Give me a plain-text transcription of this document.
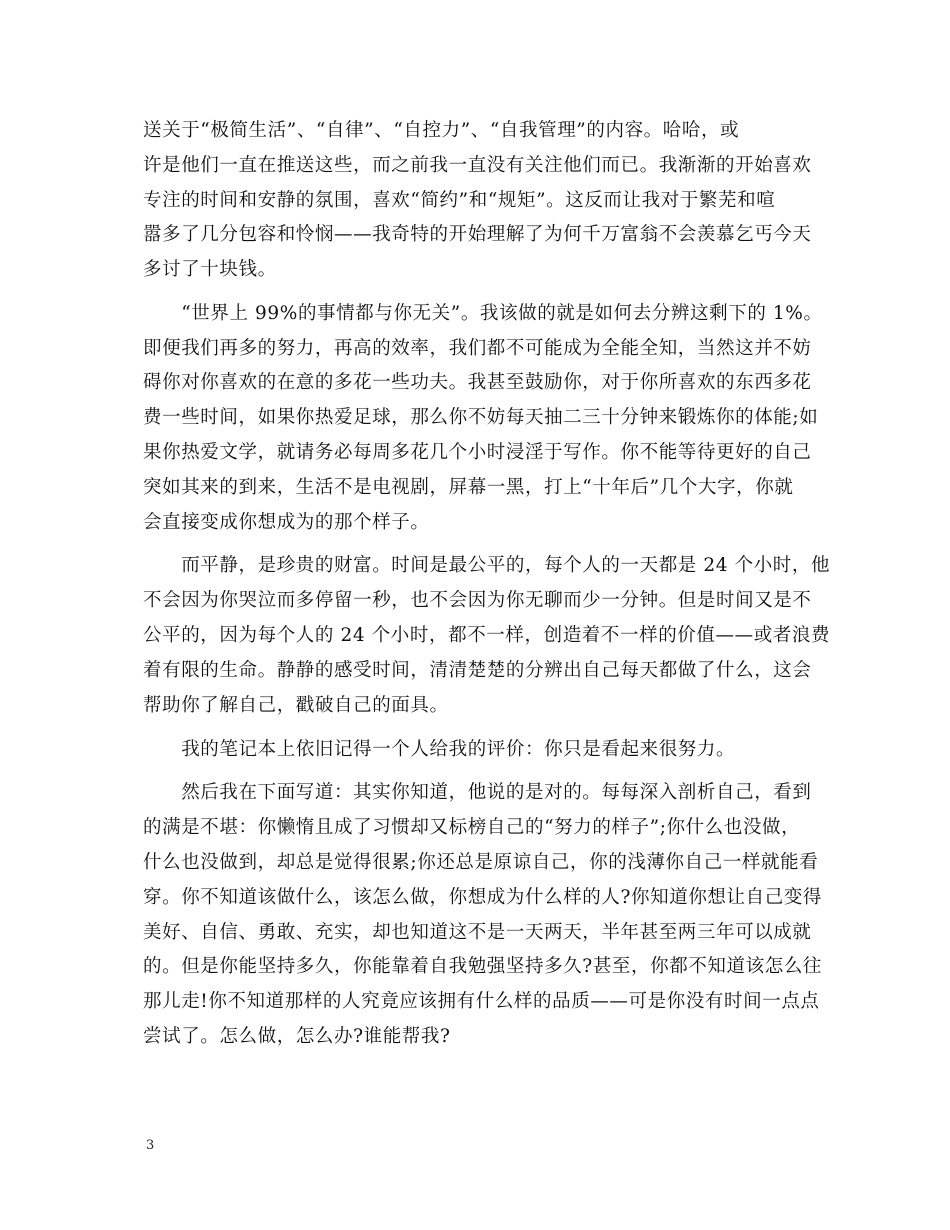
送关于“极简生活”、“自律”、“自控力”、“自我管理”的内容。哈哈，或
许是他们一直在推送这些，而之前我一直没有关注他们而已。我渐渐的开始喜欢
专注的时间和安静的氛围，喜欢“简约”和“规矩”。这反而让我对于繁芜和喧
嚣多了几分包容和怜悯——我奇特的开始理解了为何千万富翁不会羡慕乞丐今天
多讨了十块钱。
　　“世界上 99%的事情都与你无关”。我该做的就是如何去分辨这剩下的 1%。
即便我们再多的努力，再高的效率，我们都不可能成为全能全知，当然这并不妨
碍你对你喜欢的在意的多花一些功夫。我甚至鼓励你，对于你所喜欢的东西多花
费一些时间，如果你热爱足球，那么你不妨每天抽二三十分钟来锻炼你的体能;如
果你热爱文学，就请务必每周多花几个小时浸淫于写作。你不能等待更好的自己
突如其来的到来，生活不是电视剧，屏幕一黑，打上“十年后”几个大字，你就
会直接变成你想成为的那个样子。
　　而平静，是珍贵的财富。时间是最公平的，每个人的一天都是 24 个小时，他
不会因为你哭泣而多停留一秒，也不会因为你无聊而少一分钟。但是时间又是不
公平的，因为每个人的 24 个小时，都不一样，创造着不一样的价值——或者浪费
着有限的生命。静静的感受时间，清清楚楚的分辨出自己每天都做了什么，这会
帮助你了解自己，戳破自己的面具。
　　我的笔记本上依旧记得一个人给我的评价：你只是看起来很努力。
　　然后我在下面写道：其实你知道，他说的是对的。每每深入剖析自己，看到
的满是不堪：你懒惰且成了习惯却又标榜自己的“努力的样子”;你什么也没做，
什么也没做到，却总是觉得很累;你还总是原谅自己，你的浅薄你自己一样就能看
穿。你不知道该做什么，该怎么做，你想成为什么样的人?你知道你想让自己变得
美好、自信、勇敢、充实，却也知道这不是一天两天，半年甚至两三年可以成就
的。但是你能坚持多久，你能靠着自我勉强坚持多久?甚至，你都不知道该怎么往
那儿走!你不知道那样的人究竟应该拥有什么样的品质——可是你没有时间一点点
尝试了。怎么做，怎么办?谁能帮我?
3
